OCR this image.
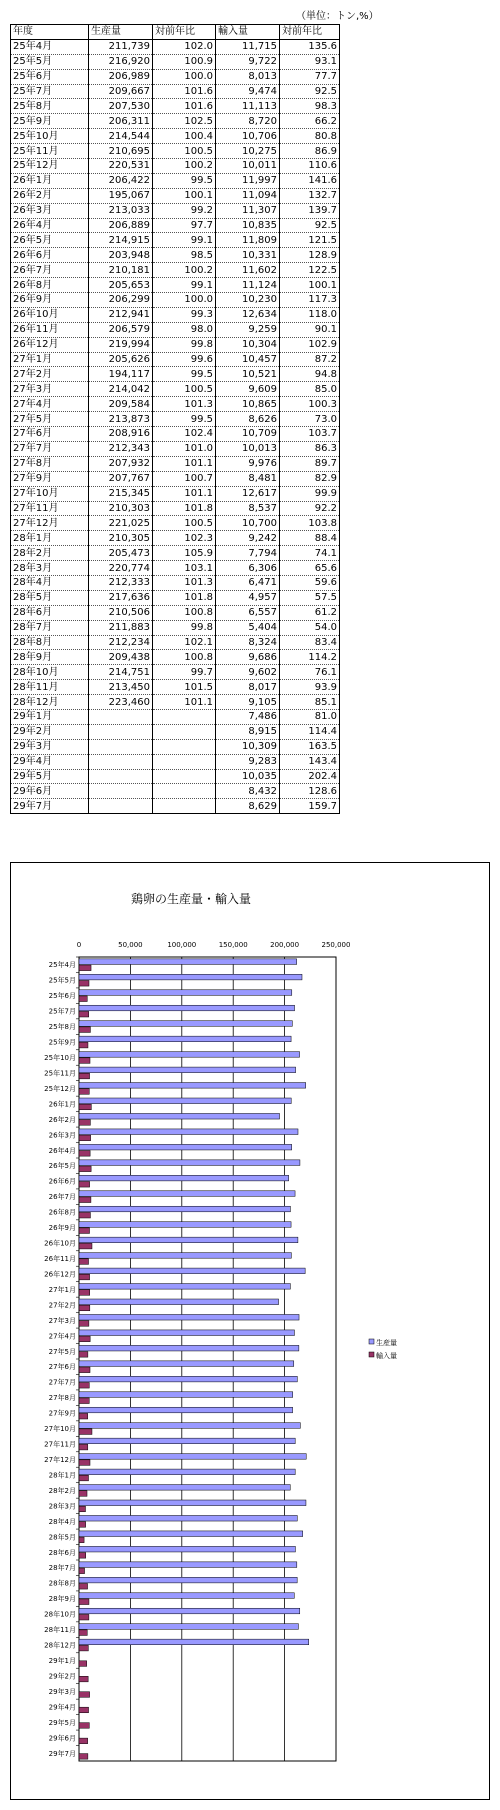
（単位：トン,%）
年度	生産量	対前年比	輸入量	対前年比
25年4月	211,739	102.0	11,715	135.6
25年5月	216,920	100.9	9,722	93.1
25年6月	206,989	100.0	8,013	77.7
25年7月	209,667	101.6	9,474	92.5
25年8月	207,530	101.6	11,113	98.3
25年9月	206,311	102.5	8,720	66.2
25年10月	214,544	100.4	10,706	80.8
25年11月	210,695	100.5	10,275	86.9
25年12月	220,531	100.2	10,011	110.6
26年1月	206,422	99.5	11,997	141.6
26年2月	195,067	100.1	11,094	132.7
26年3月	213,033	99.2	11,307	139.7
26年4月	206,889	97.7	10,835	92.5
26年5月	214,915	99.1	11,809	121.5
26年6月	203,948	98.5	10,331	128.9
26年7月	210,181	100.2	11,602	122.5
26年8月	205,653	99.1	11,124	100.1
26年9月	206,299	100.0	10,230	117.3
26年10月	212,941	99.3	12,634	118.0
26年11月	206,579	98.0	9,259	90.1
26年12月	219,994	99.8	10,304	102.9
27年1月	205,626	99.6	10,457	87.2
27年2月	194,117	99.5	10,521	94.8
27年3月	214,042	100.5	9,609	85.0
27年4月	209,584	101.3	10,865	100.3
27年5月	213,873	99.5	8,626	73.0
27年6月	208,916	102.4	10,709	103.7
27年7月	212,343	101.0	10,013	86.3
27年8月	207,932	101.1	9,976	89.7
27年9月	207,767	100.7	8,481	82.9
27年10月	215,345	101.1	12,617	99.9
27年11月	210,303	101.8	8,537	92.2
27年12月	221,025	100.5	10,700	103.8
28年1月	210,305	102.3	9,242	88.4
28年2月	205,473	105.9	7,794	74.1
28年3月	220,774	103.1	6,306	65.6
28年4月	212,333	101.3	6,471	59.6
28年5月	217,636	101.8	4,957	57.5
28年6月	210,506	100.8	6,557	61.2
28年7月	211,883	99.8	5,404	54.0
28年8月	212,234	102.1	8,324	83.4
28年9月	209,438	100.8	9,686	114.2
28年10月	214,751	99.7	9,602	76.1
28年11月	213,450	101.5	8,017	93.9
28年12月	223,460	101.1	9,105	85.1
29年1月			7,486	81.0
29年2月			8,915	114.4
29年3月			10,309	163.5
29年4月			9,283	143.4
29年5月			10,035	202.4
29年6月			8,432	128.6
29年7月			8,629	159.7
鶏卵の生産量・輸入量
0	50,000	100,000	150,000	200,000	250,000
25年4月
25年5月
25年6月
25年7月
25年8月
25年9月
25年10月
25年11月
25年12月
26年1月
26年2月
26年3月
26年4月
26年5月
26年6月
26年7月
26年8月
26年9月
26年10月
26年11月
26年12月
27年1月
27年2月
27年3月
27年4月
27年5月
27年6月
27年7月
27年8月
27年9月
27年10月
27年11月
27年12月
28年1月
28年2月
28年3月
28年4月
28年5月
28年6月
28年7月
28年8月
28年9月
28年10月
28年11月
28年12月
29年1月
29年2月
29年3月
29年4月
29年5月
29年6月
29年7月
生産量
輸入量
